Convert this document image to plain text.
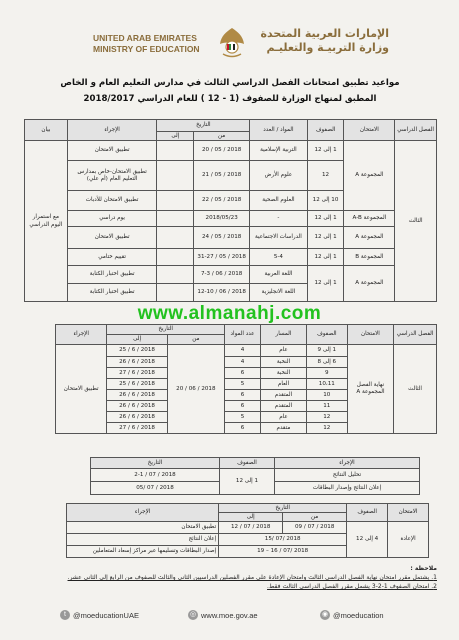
UNITED ARAB EMIRATES
MINISTRY OF EDUCATION
الإمارات العربية المتحدة
وزارة التربيـة والتعليـم
مواعيد تطبيق امتحانات الفصل الدراسي الثالث في مدارس التعليم العام و الخاص
المطبق لمنهاج الوزارة للصفوف (1 - 12 ) للعام الدراسي 2018/2017
الفصل الدراسي	الامتحان	الصفوف	المواد / العدد	التاريخ		الإجراء	بيان
				من	إلى		
الثالث	المجموعة A	1 إلى 12	التربية الإسلامية	2018 / 05 / 20		تطبيق الامتحان	مع استمرار اليوم الدراسي
		12	علوم الأرض	2018 / 05 / 21		تطبيق الامتحان-خاص بمدارس التعليم العام (أم علي)	
		10 إلى 12	العلوم الصحية	2018 / 05 / 22		تطبيق الامتحان للأدبات	
	المجموعة A-B	1 إلى 12	-	2018/05/23		يوم دراسي	
	المجموعة A	1 إلى 12	الدراسات الاجتماعية	2018 / 05 / 24		تطبيق الامتحان	
	المجموعة B	1 إلى 12	5-4	2018 / 05 / 31-27		تقييم ختامي	
	المجموعة A	1 إلى 12	اللغة العربية	2018 / 06 / 7-3		تطبيق اختبار الكتابة	
			اللغة الانجليزية	2018 / 06 / 12-10		تطبيق اختبار الكتابة	
www.almanahj.com
الفصل الدراسي	الامتحان	الصفوف	المسار	عدد المواد	التاريخ		الإجراء
					من	إلى	
الثالث	نهاية الفصل المجموعة A	1 إلى 9	عام	4	2018 / 06 / 20	2018 / 6 / 25	تطبيق الامتحان
		6 إلى 8	النخبة	4		2018 / 6 / 26	
		9	النخبة	6		2018 / 6 / 27	
		10،11	العام	5		2018 / 6 / 25	
		10	المتقدم	6		2018 / 6 / 26	
		11	المتقدم	6		2018 / 6 / 26	
		12	عام	5		2018 / 6 / 26	
		12	متقدم	6		2018 / 6 / 27	
الإجراء	الصفوف	التاريخ
تحليل النتائج	1 إلى 12	2018 / 07 / 2-1
إعلان النتائج وإصدار البطاقات		2018 / 07 /05
الامتحان	الصفوف	التاريخ		الإجراء
		من	إلى	
الإعادة	4 إلى 12	2018 / 07 / 09	2018 / 07 / 12	تطبيق الامتحان
		2018 /07 /15		إعلان النتائج
		2018 /07 / 16 – 19		إصدار البطاقات وتسليمها عبر مراكز إسعاد المتعاملين
ملاحظة :
1. يشتمل مقرر امتحان نهاية الفصل الدراسي الثالث وامتحان الإعادة على مقرر الفصلين الدراسيين الثاني والثالث للصفوف من الرابع إلى الثاني عشر.
2. امتحان الصفوف 1-2-3 يشمل مقرر الفصل الدراسي الثالث فقط.
t @moeducationUAE	◎ www.moe.gov.ae	◉ @moeducation
